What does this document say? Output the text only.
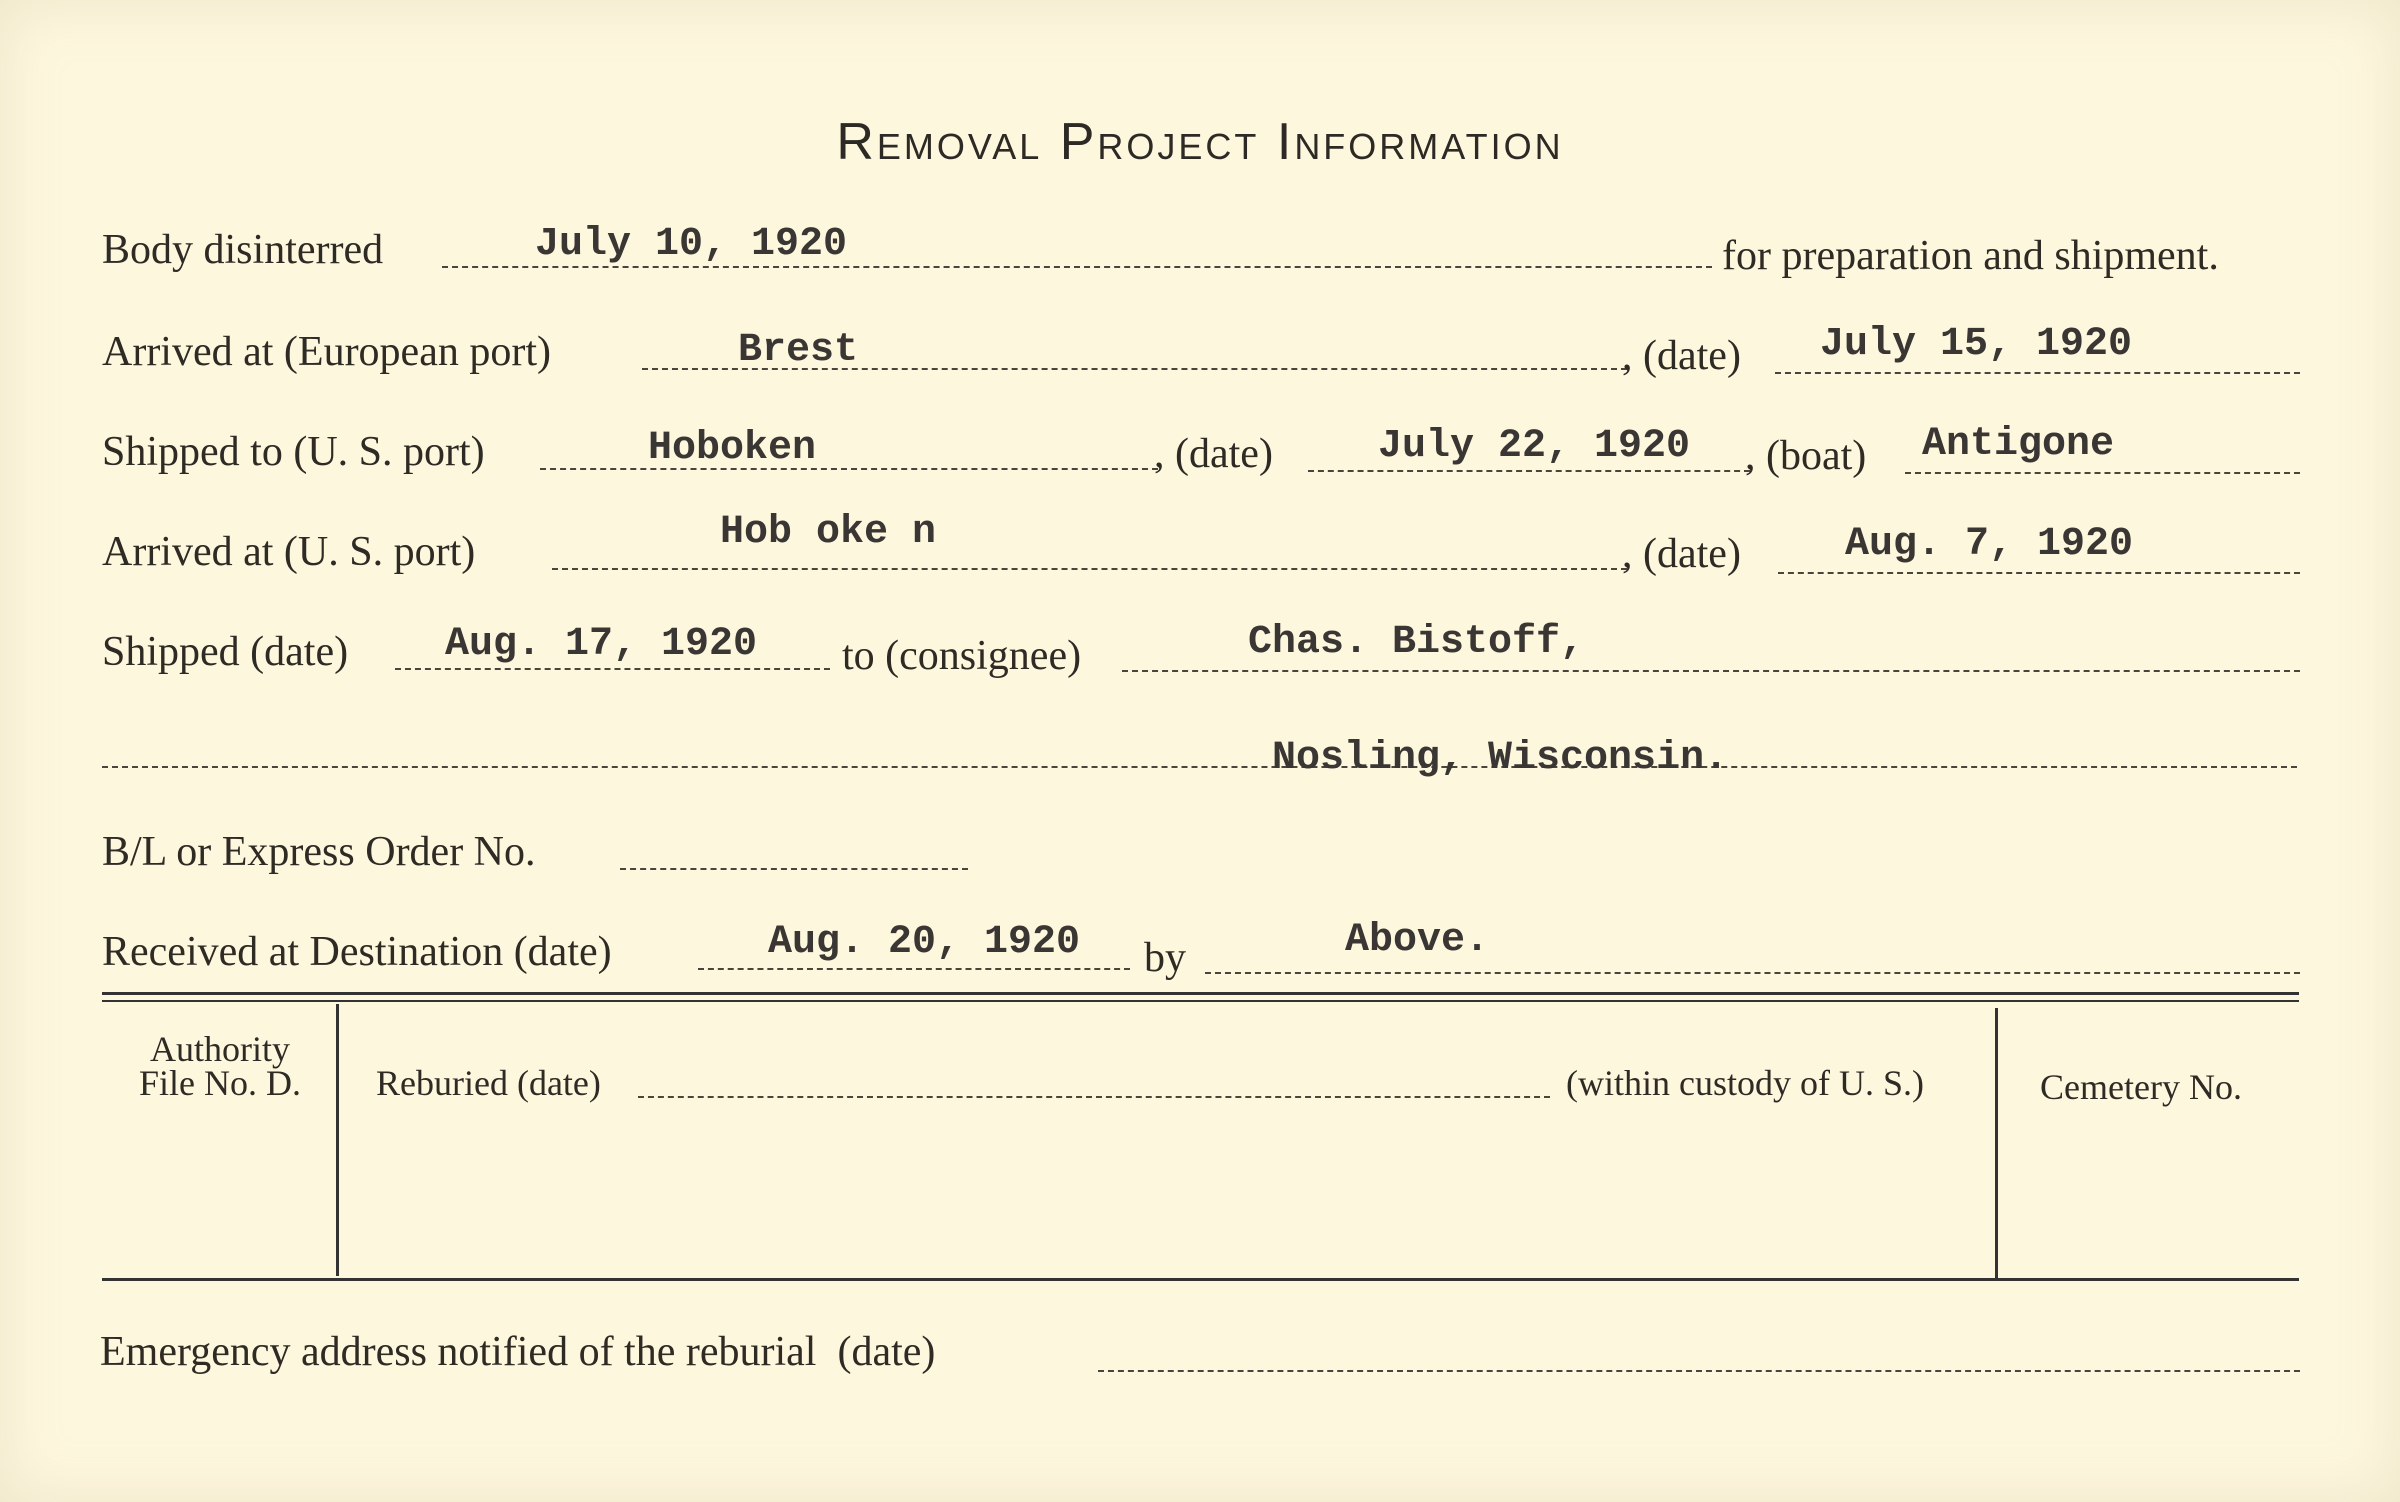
Removal Project Information
Body disinterred	July 10, 1920	for preparation and shipment.
Arrived at (European port)	Brest	, (date) July 15, 1920
Shipped to (U. S. port)	Hoboken	, (date)	July 22, 1920 , (boat) Antigone
Arrived at (U. S. port)	Hob oke n	, (date)	Aug. 7, 1920
Shipped (date) Aug. 17, 1920 to (consignee)	Chas. Bistoff,
Nosling, Wisconsin.
B/L or Express Order No.
Received at Destination (date)	Aug. 20, 1920 by	Above.
Authority
File No. D.	Reburied (date)	(within custody of U. S.)	Cemetery No.
Emergency address notified of the reburial  (date)
